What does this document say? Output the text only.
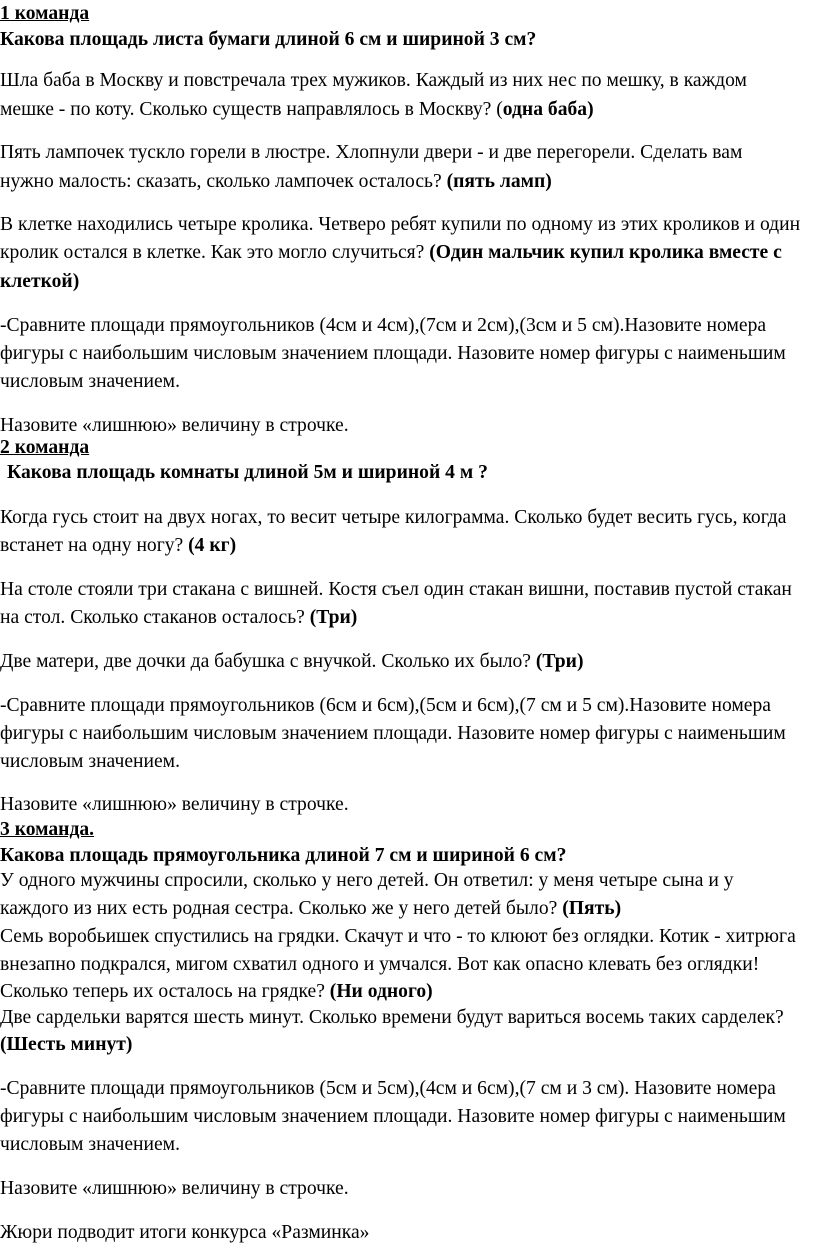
1 команда
Какова площадь листа бумаги длиной 6 см и шириной 3 см?
Шла баба в Москву и повстречала трех мужиков. Каждый из них нес по мешку, в каждом
мешке - по коту. Сколько существ направлялось в Москву? (одна баба)
Пять лампочек тускло горели в люстре. Хлопнули двери - и две перегорели. Сделать вам
нужно малость: сказать, сколько лампочек осталось? (пять ламп)
В клетке находились четыре кролика. Четверо ребят купили по одному из этих кроликов и один
кролик остался в клетке. Как это могло случиться? (Один мальчик купил кролика вместе с
клеткой)
-Сравните площади прямоугольников (4см и 4см),(7см и 2см),(3см и 5 см).Назовите номера
фигуры с наибольшим числовым значением площади. Назовите номер фигуры с наименьшим
числовым значением.
Назовите «лишнюю» величину в строчке.
2 команда
Какова площадь комнаты длиной 5м и шириной 4 м ?
Когда гусь стоит на двух ногах, то весит четыре килограмма. Сколько будет весить гусь, когда
встанет на одну ногу? (4 кг)
На столе стояли три стакана с вишней. Костя съел один стакан вишни, поставив пустой стакан
на стол. Сколько стаканов осталось? (Три)
Две матери, две дочки да бабушка с внучкой. Сколько их было? (Три)
-Сравните площади прямоугольников (6см и 6см),(5см и 6см),(7 см и 5 см).Назовите номера
фигуры с наибольшим числовым значением площади. Назовите номер фигуры с наименьшим
числовым значением.
Назовите «лишнюю» величину в строчке.
3 команда.
Какова площадь прямоугольника длиной 7 см и шириной 6 см?
У одного мужчины спросили, сколько у него детей. Он ответил: у меня четыре сына и у
каждого из них есть родная сестра. Сколько же у него детей было? (Пять)
Семь воробьишек спустились на грядки. Скачут и что - то клюют без оглядки. Котик - хитрюга
внезапно подкрался, мигом схватил одного и умчался. Вот как опасно клевать без оглядки!
Сколько теперь их осталось на грядке? (Ни одного)
Две сардельки варятся шесть минут. Сколько времени будут вариться восемь таких сарделек?
(Шесть минут)
-Сравните площади прямоугольников (5см и 5см),(4см и 6см),(7 см и 3 см). Назовите номера
фигуры с наибольшим числовым значением площади. Назовите номер фигуры с наименьшим
числовым значением.
Назовите «лишнюю» величину в строчке.
Жюри подводит итоги конкурса «Разминка»
